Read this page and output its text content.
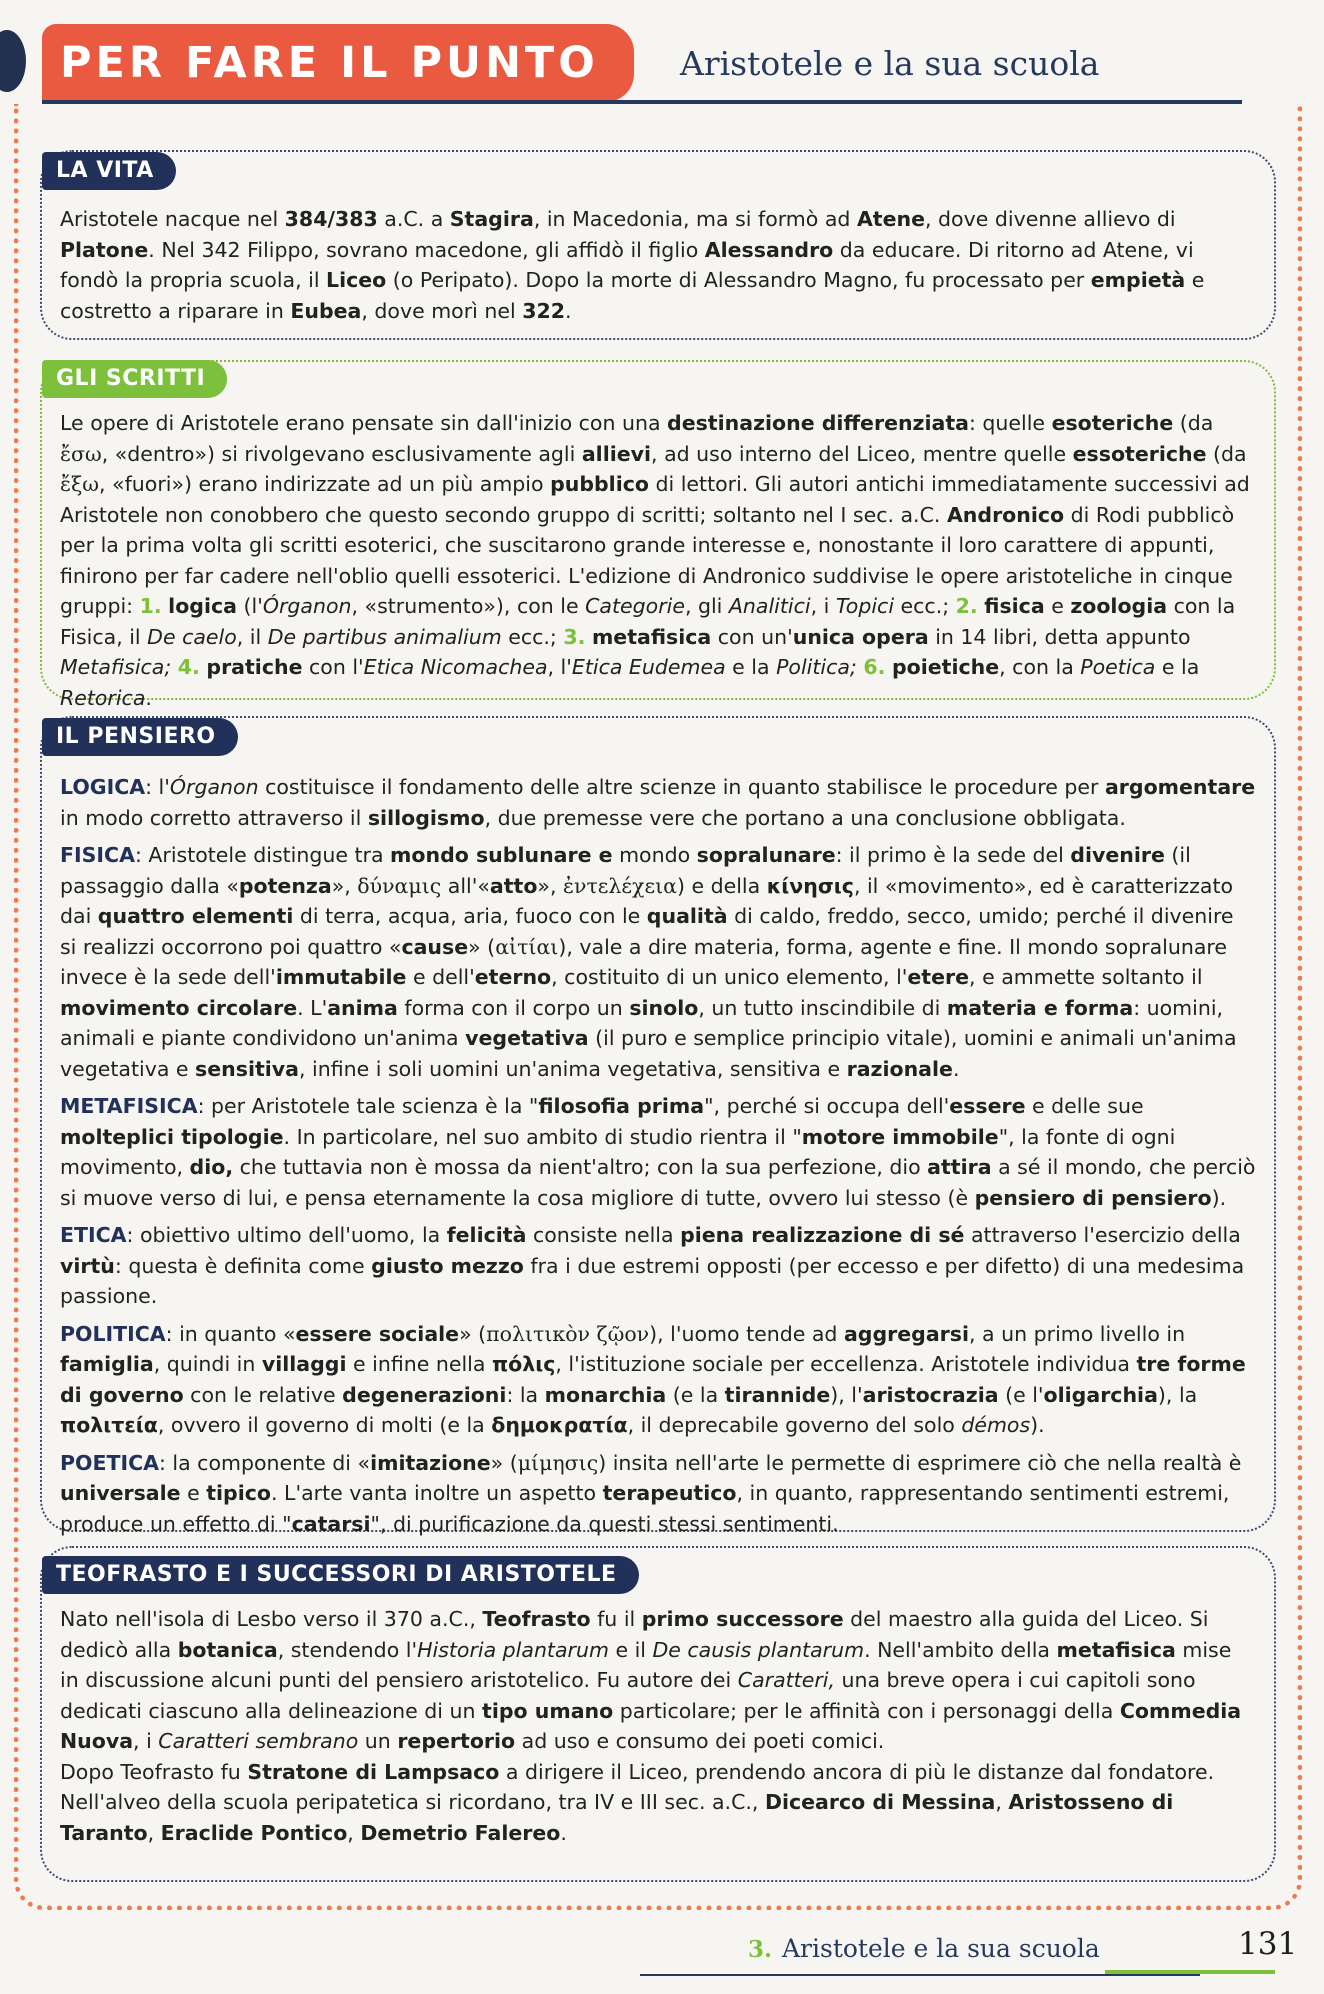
PER FARE IL PUNTO Aristotele e la sua scuola
LA VITA

Aristotele nacque nel 384/383 a.C. a Stagira, in Macedonia, ma si formò ad Atene, dove divenne allievo di Platone. Nel 342 Filippo, sovrano macedone, gli affidò il figlio Alessandro da educare. Di ritorno ad Atene, vi fondò la propria scuola, il Liceo (o Peripato). Dopo la morte di Alessandro Magno, fu processato per empietà e costretto a riparare in Eubea, dove morì nel 322.

GLI SCRITTI

Le opere di Aristotele erano pensate sin dall'inizio con una destinazione differenziata: quelle esoteriche (da ἔσω, «dentro») si rivolgevano esclusivamente agli allievi, ad uso interno del Liceo, mentre quelle essoteriche (da ἔξω, «fuori») erano indirizzate ad un più ampio pubblico di lettori. Gli autori antichi immediatamente successivi ad Aristotele non conobbero che questo secondo gruppo di scritti; soltanto nel I sec. a.C. Andronico di Rodi pubblicò per la prima volta gli scritti esoterici, che suscitarono grande interesse e, nonostante il loro carattere di appunti, finirono per far cadere nell'oblio quelli essoterici. L'edizione di Andronico suddivise le opere aristoteliche in cinque gruppi: 1. logica (l'Órganon, «strumento»), con le Categorie, gli Analitici, i Topici ecc.; 2. fisica e zoologia con la Fisica, il De caelo, il De partibus animalium ecc.; 3. metafisica con un'unica opera in 14 libri, detta appunto Metafisica; 4. pratiche con l'Etica Nicomachea, l'Etica Eudemea e la Politica; 6. poietiche, con la Poetica e la Retorica.

IL PENSIERO

LOGICA: l'Órganon costituisce il fondamento delle altre scienze in quanto stabilisce le procedure per argomentare in modo corretto attraverso il sillogismo, due premesse vere che portano a una conclusione obbligata.

FISICA: Aristotele distingue tra mondo sublunare e mondo sopralunare: il primo è la sede del divenire (il passaggio dalla «potenza», δύναμις all'«atto», ἐντελέχεια) e della κίνησις, il «movimento», ed è caratterizzato dai quattro elementi di terra, acqua, aria, fuoco con le qualità di caldo, freddo, secco, umido; perché il divenire si realizzi occorrono poi quattro «cause» (αἰτίαι), vale a dire materia, forma, agente e fine. Il mondo sopralunare invece è la sede dell'immutabile e dell'eterno, costituito di un unico elemento, l'etere, e ammette soltanto il movimento circolare. L'anima forma con il corpo un sinolo, un tutto inscindibile di materia e forma: uomini, animali e piante condividono un'anima vegetativa (il puro e semplice principio vitale), uomini e animali un'anima vegetativa e sensitiva, infine i soli uomini un'anima vegetativa, sensitiva e razionale.

METAFISICA: per Aristotele tale scienza è la "filosofia prima", perché si occupa dell'essere e delle sue molteplici tipologie. In particolare, nel suo ambito di studio rientra il "motore immobile", la fonte di ogni movimento, dio, che tuttavia non è mossa da nient'altro; con la sua perfezione, dio attira a sé il mondo, che perciò si muove verso di lui, e pensa eternamente la cosa migliore di tutte, ovvero lui stesso (è pensiero di pensiero).

ETICA: obiettivo ultimo dell'uomo, la felicità consiste nella piena realizzazione di sé attraverso l'esercizio della virtù: questa è definita come giusto mezzo fra i due estremi opposti (per eccesso e per difetto) di una medesima passione.

POLITICA: in quanto «essere sociale» (πολιτικὸν ζῷον), l'uomo tende ad aggregarsi, a un primo livello in famiglia, quindi in villaggi e infine nella πόλις, l'istituzione sociale per eccellenza. Aristotele individua tre forme di governo con le relative degenerazioni: la monarchia (e la tirannide), l'aristocrazia (e l'oligarchia), la πολιτεία, ovvero il governo di molti (e la δημοκρατία, il deprecabile governo del solo démos).

POETICA: la componente di «imitazione» (μίμησις) insita nell'arte le permette di esprimere ciò che nella realtà è universale e tipico. L'arte vanta inoltre un aspetto terapeutico, in quanto, rappresentando sentimenti estremi, produce un effetto di "catarsi", di purificazione da questi stessi sentimenti.

TEOFRASTO E I SUCCESSORI DI ARISTOTELE

Nato nell'isola di Lesbo verso il 370 a.C., Teofrasto fu il primo successore del maestro alla guida del Liceo. Si dedicò alla botanica, stendendo l'Historia plantarum e il De causis plantarum. Nell'ambito della metafisica mise in discussione alcuni punti del pensiero aristotelico. Fu autore dei Caratteri, una breve opera i cui capitoli sono dedicati ciascuno alla delineazione di un tipo umano particolare; per le affinità con i personaggi della Commedia Nuova, i Caratteri sembrano un repertorio ad uso e consumo dei poeti comici.

Dopo Teofrasto fu Stratone di Lampsaco a dirigere il Liceo, prendendo ancora di più le distanze dal fondatore. Nell'alveo della scuola peripatetica si ricordano, tra IV e III sec. a.C., Dicearco di Messina, Aristosseno di Taranto, Eraclide Pontico, Demetrio Falereo.

3. Aristotele e la sua scuola	131
